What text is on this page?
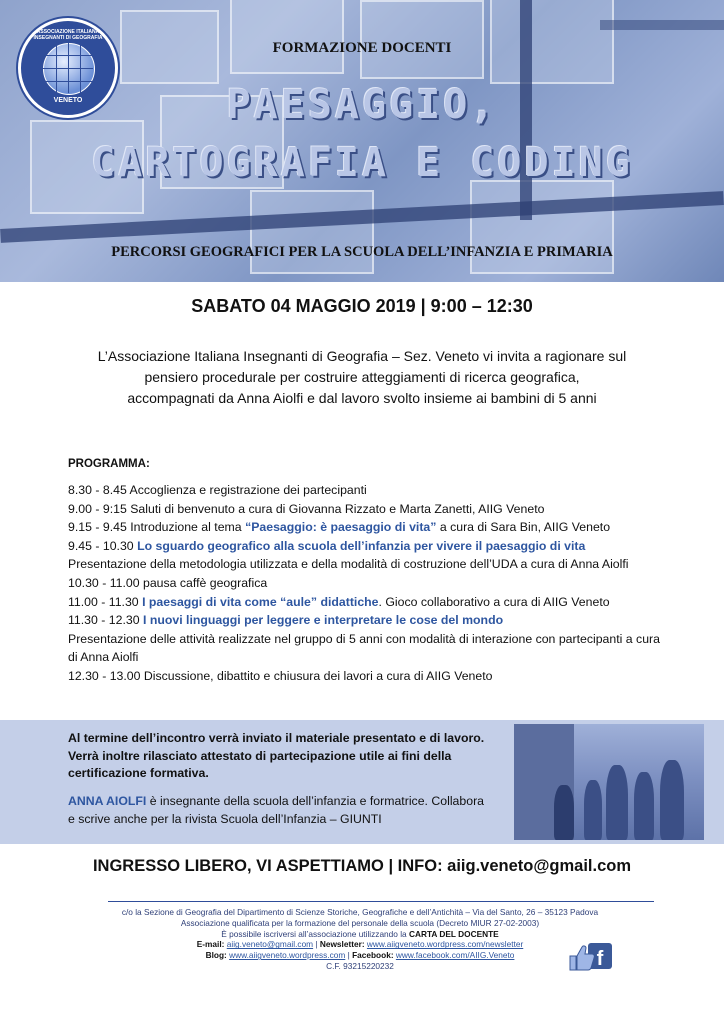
ASSOCIAZIONE ITALIANA INSEGNANTI DI GEOGRAFIA
VENETO
FORMAZIONE DOCENTI
PAESAGGIO,
CARTOGRAFIA E CODING
PERCORSI GEOGRAFICI PER LA SCUOLA DELL’INFANZIA E PRIMARIA
SABATO 04 MAGGIO 2019 | 9:00 – 12:30
L’Associazione Italiana Insegnanti di Geografia – Sez. Veneto vi invita a ragionare sul
pensiero procedurale per costruire atteggiamenti di ricerca geografica,
accompagnati da Anna Aiolfi e dal lavoro svolto insieme ai bambini di 5 anni
PROGRAMMA:
8.30 - 8.45 Accoglienza e registrazione dei partecipanti
9.00 - 9:15 Saluti di benvenuto a cura di Giovanna Rizzato e Marta Zanetti, AIIG Veneto
9.15 - 9.45 Introduzione al tema “Paesaggio: è paesaggio di vita” a cura di Sara Bin, AIIG Veneto
9.45 - 10.30 Lo sguardo geografico alla scuola dell’infanzia per vivere il paesaggio di vita
Presentazione della metodologia utilizzata e della modalità di costruzione dell’UDA a cura di Anna Aiolfi
10.30 - 11.00 pausa caffè geografica
11.00 - 11.30 I paesaggi di vita come “aule” didattiche. Gioco collaborativo a cura di AIIG Veneto
11.30 - 12.30 I nuovi linguaggi per leggere e interpretare le cose del mondo
Presentazione delle attività realizzate nel gruppo di 5 anni con modalità di interazione con partecipanti a cura di Anna Aiolfi
12.30 - 13.00 Discussione, dibattito e chiusura dei lavori a cura di AIIG Veneto
Al termine dell’incontro verrà inviato il materiale presentato e di lavoro. Verrà inoltre rilasciato attestato di partecipazione utile ai fini della certificazione formativa.
ANNA AIOLFI è insegnante della scuola dell’infanzia e formatrice. Collabora e scrive anche per la rivista Scuola dell’Infanzia – GIUNTI
INGRESSO LIBERO, VI ASPETTIAMO | INFO: aiig.veneto@gmail.com
c/o la Sezione di Geografia del Dipartimento di Scienze Storiche, Geografiche e dell’Antichità – Via del Santo, 26 – 35123 Padova
Associazione qualificata per la formazione del personale della scuola (Decreto MIUR 27-02-2003)
È possibile iscriversi all’associazione utilizzando la CARTA DEL DOCENTE
E-mail: aiig.veneto@gmail.com | Newsletter: www.aiigveneto.wordpress.com/newsletter
Blog: www.aiigveneto.wordpress.com | Facebook: www.facebook.com/AIIG.Veneto
C.F. 93215220232	f
